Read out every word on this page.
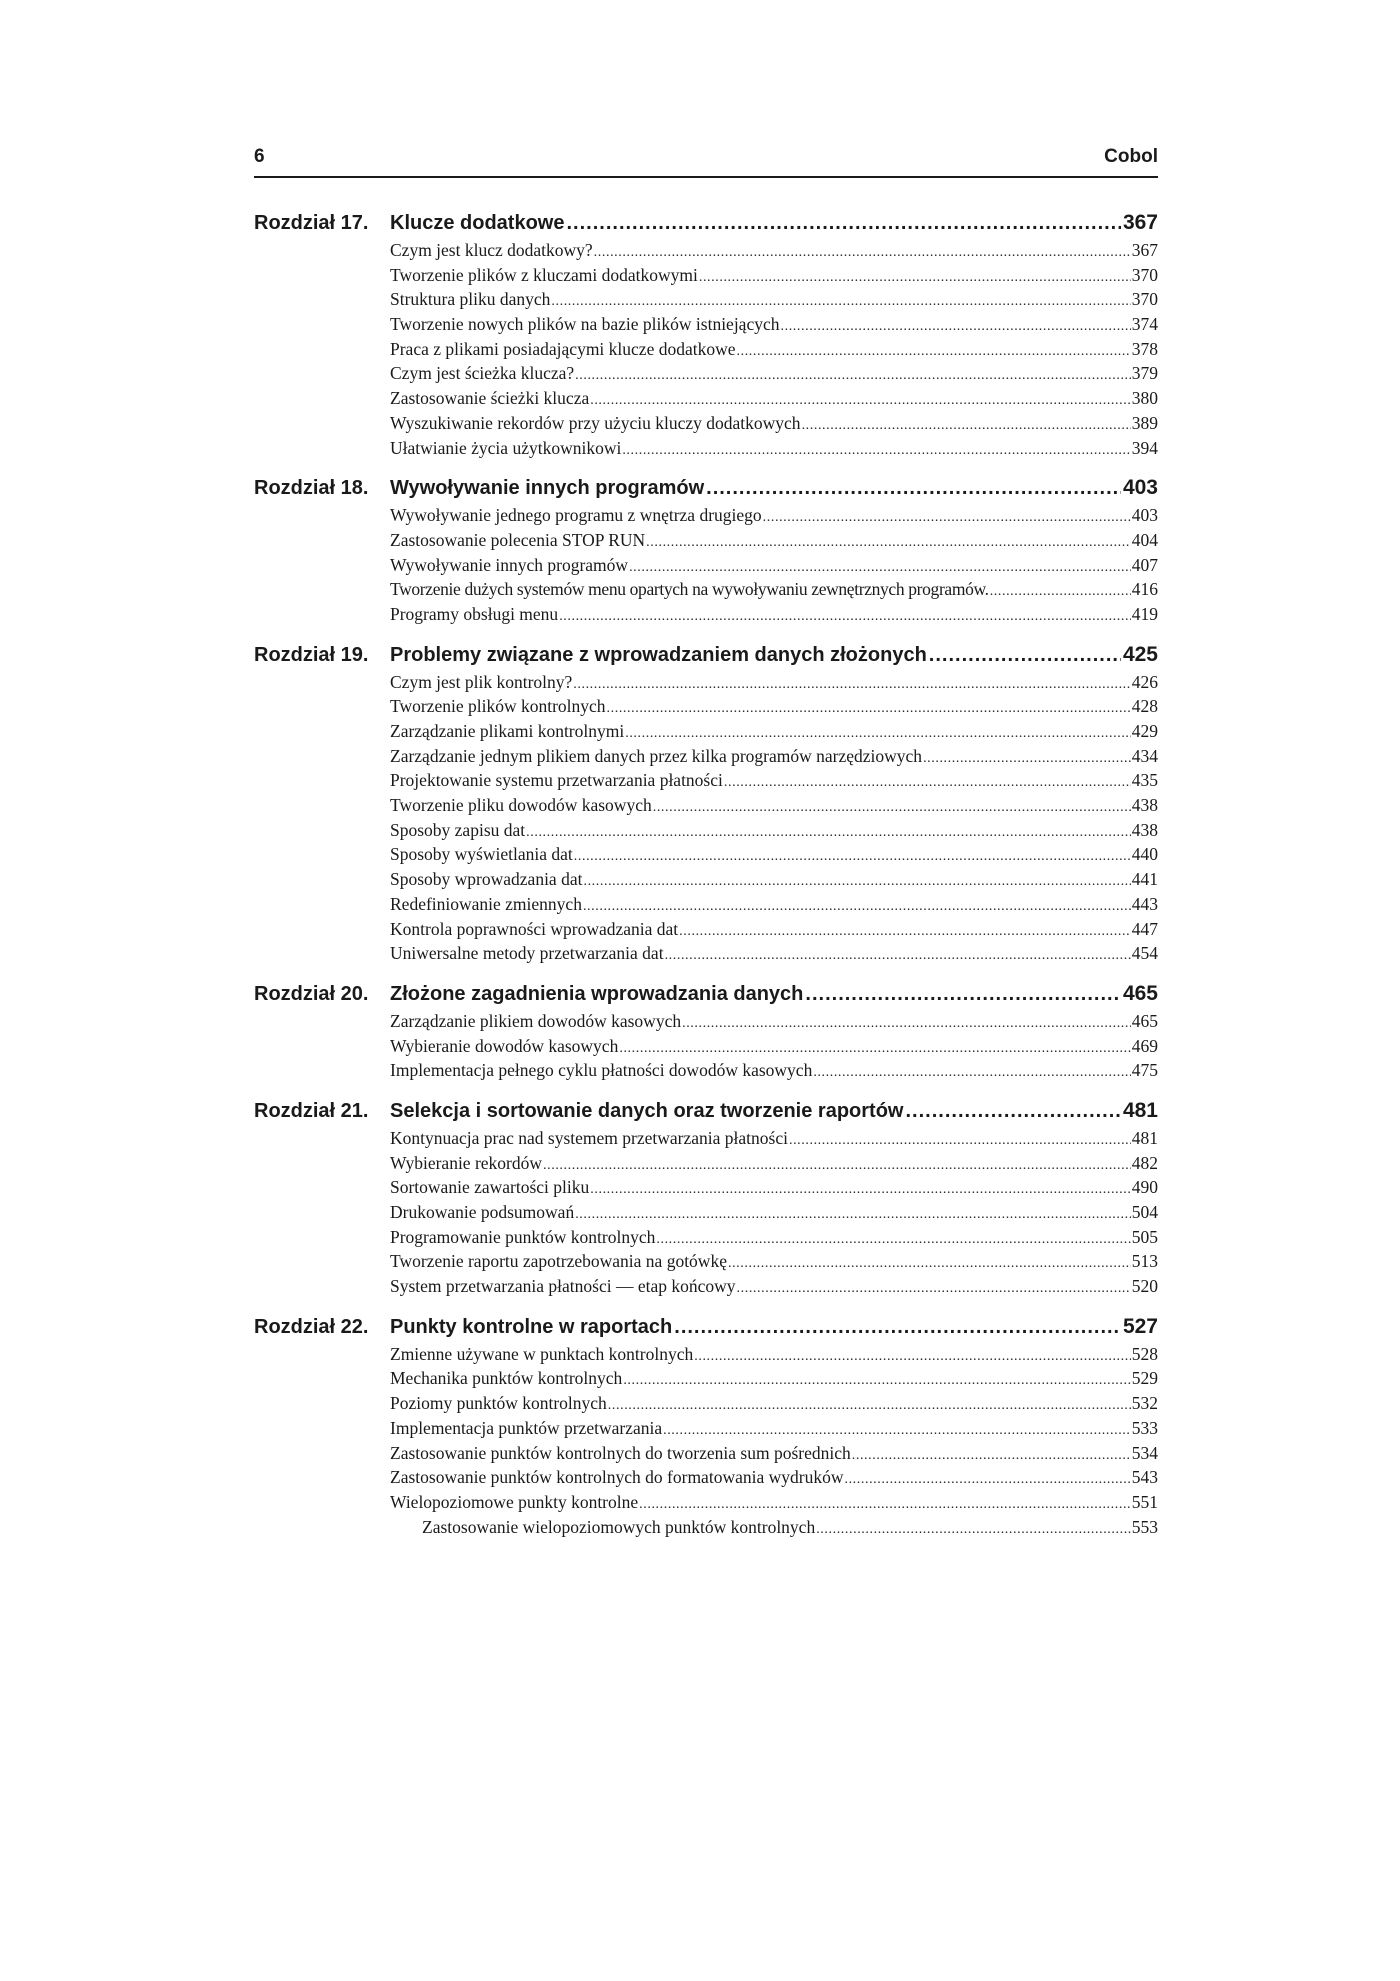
6	Cobol
Rozdział 17.	Klucze dodatkowe .....	367
Czym jest klucz dodatkowy? .....	367
Tworzenie plików z kluczami dodatkowymi .....	370
Struktura pliku danych .....	370
Tworzenie nowych plików na bazie plików istniejących .....	374
Praca z plikami posiadającymi klucze dodatkowe .....	378
Czym jest ścieżka klucza? .....	379
Zastosowanie ścieżki klucza .....	380
Wyszukiwanie rekordów przy użyciu kluczy dodatkowych .....	389
Ułatwianie życia użytkownikowi .....	394
Rozdział 18.	Wywoływanie innych programów .....	403
Wywoływanie jednego programu z wnętrza drugiego .....	403
Zastosowanie polecenia STOP RUN .....	404
Wywoływanie innych programów .....	407
Tworzenie dużych systemów menu opartych na wywoływaniu zewnętrznych programów. .....	416
Programy obsługi menu .....	419
Rozdział 19.	Problemy związane z wprowadzaniem danych złożonych .....	425
Czym jest plik kontrolny? .....	426
Tworzenie plików kontrolnych .....	428
Zarządzanie plikami kontrolnymi .....	429
Zarządzanie jednym plikiem danych przez kilka programów narzędziowych .....	434
Projektowanie systemu przetwarzania płatności .....	435
Tworzenie pliku dowodów kasowych .....	438
Sposoby zapisu dat .....	438
Sposoby wyświetlania dat .....	440
Sposoby wprowadzania dat .....	441
Redefiniowanie zmiennych .....	443
Kontrola poprawności wprowadzania dat .....	447
Uniwersalne metody przetwarzania dat .....	454
Rozdział 20.	Złożone zagadnienia wprowadzania danych .....	465
Zarządzanie plikiem dowodów kasowych .....	465
Wybieranie dowodów kasowych .....	469
Implementacja pełnego cyklu płatności dowodów kasowych .....	475
Rozdział 21.	Selekcja i sortowanie danych oraz tworzenie raportów .....	481
Kontynuacja prac nad systemem przetwarzania płatności .....	481
Wybieranie rekordów .....	482
Sortowanie zawartości pliku .....	490
Drukowanie podsumowań .....	504
Programowanie punktów kontrolnych .....	505
Tworzenie raportu zapotrzebowania na gotówkę .....	513
System przetwarzania płatności — etap końcowy .....	520
Rozdział 22.	Punkty kontrolne w raportach .....	527
Zmienne używane w punktach kontrolnych .....	528
Mechanika punktów kontrolnych .....	529
Poziomy punktów kontrolnych .....	532
Implementacja punktów przetwarzania .....	533
Zastosowanie punktów kontrolnych do tworzenia sum pośrednich .....	534
Zastosowanie punktów kontrolnych do formatowania wydruków .....	543
Wielopoziomowe punkty kontrolne .....	551
Zastosowanie wielopoziomowych punktów kontrolnych .....	553
